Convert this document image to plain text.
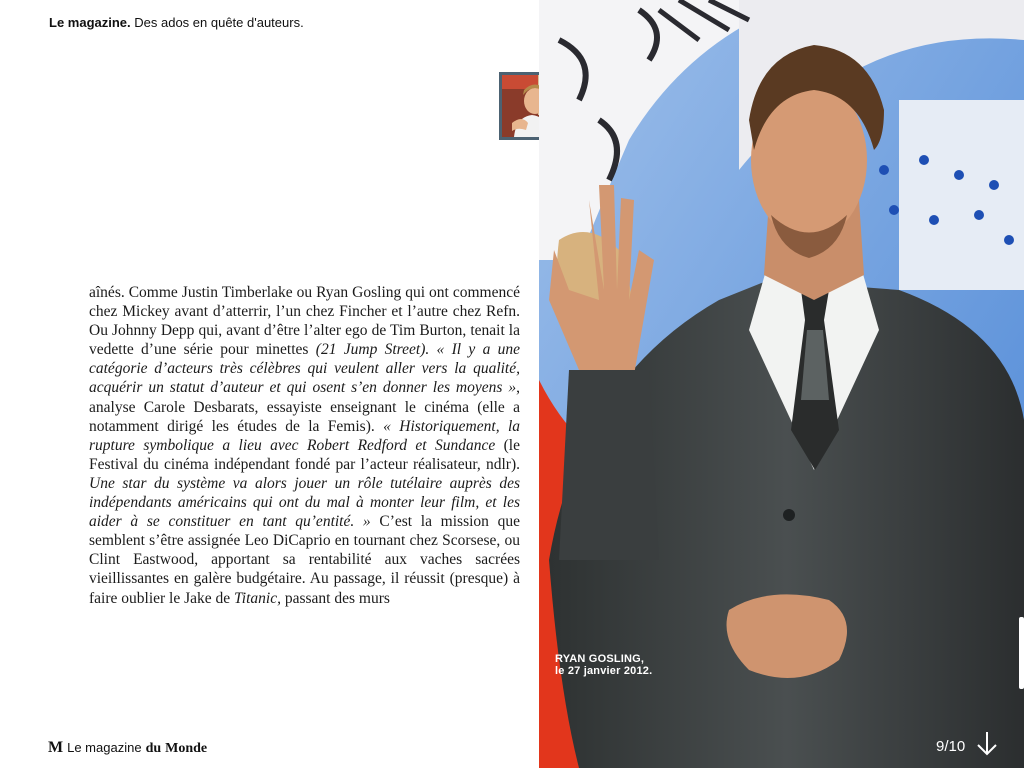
Le magazine. Des ados en quête d'auteurs.

aînés. Comme Justin Timberlake ou Ryan Gosling qui ont commencé chez Mickey avant d’atterrir, l’un chez Fincher et l’autre chez Refn. Ou Johnny Depp qui, avant d’être l’alter ego de Tim Burton, tenait la vedette d’une série pour minettes (21 Jump Street). « Il y a une catégorie d’acteurs très célèbres qui veulent aller vers la qualité, acquérir un statut d’auteur et qui osent s’en donner les moyens », analyse Carole Desbarats, essayiste enseignant le cinéma (elle a notamment dirigé les études de la Femis). « Historiquement, la rupture symbolique a lieu avec Robert Redford et Sundance (le Festival du cinéma indépendant fondé par l’acteur réalisateur, ndlr). Une star du système va alors jouer un rôle tutélaire auprès des indépendants américains qui ont du mal à monter leur film, et les aider à se constituer en tant qu’entité. » C’est la mission que semblent s’être assignée Leo DiCaprio en tournant chez Scorsese, ou Clint Eastwood, apportant sa rentabilité aux vaches sacrées vieillissantes en galère budgétaire. Au passage, il réussit (presque) à faire oublier le Jake de Titanic, passant des murs

M Le magazine du Monde
RYAN GOSLING,
le 27 janvier 2012.
9/10
